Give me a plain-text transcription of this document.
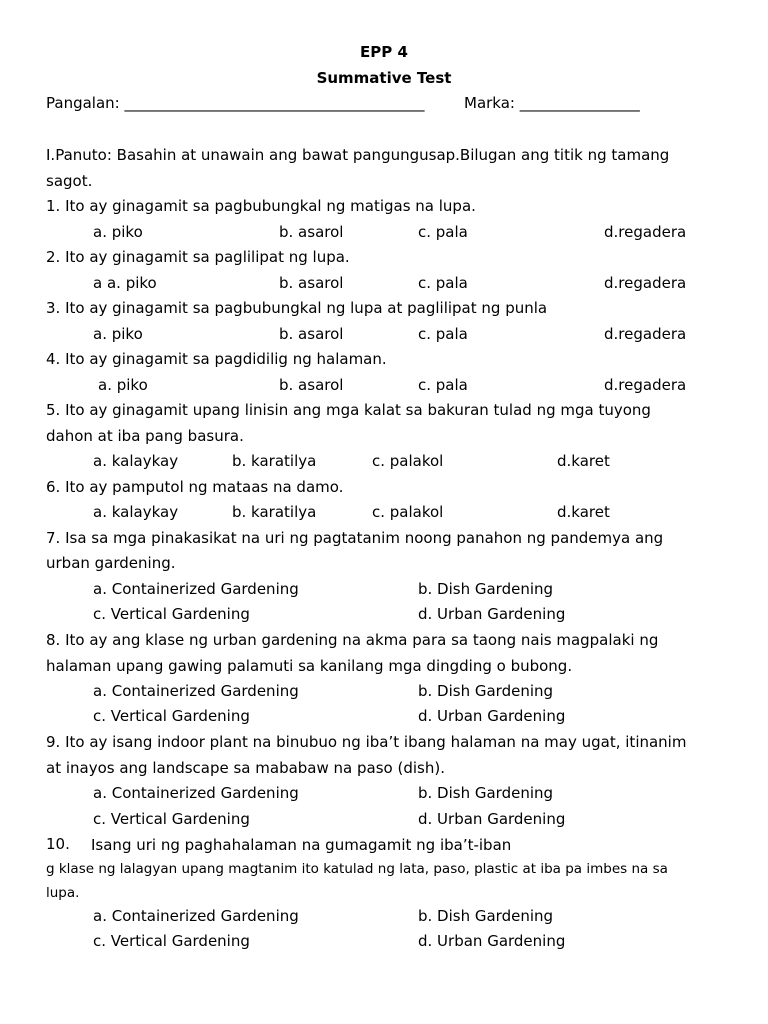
EPP 4
Summative Test
Pangalan: ________________________________________	Marka: ________________
I.Panuto: Basahin at unawain ang bawat pangungusap.Bilugan ang titik ng tamang
sagot.
1. Ito ay ginagamit sa pagbubungkal ng matigas na lupa.
a. piko	b. asarol	c. pala	d.regadera
2. Ito ay ginagamit sa paglilipat ng lupa.
a a. piko	b. asarol	c. pala	d.regadera
3. Ito ay ginagamit sa pagbubungkal ng lupa at paglilipat ng punla
a. piko	b. asarol	c. pala	d.regadera
4. Ito ay ginagamit sa pagdidilig ng halaman.
a. piko	b. asarol	c. pala	d.regadera
5. Ito ay ginagamit upang linisin ang mga kalat sa bakuran tulad ng mga tuyong
dahon at iba pang basura.
a. kalaykay	b. karatilya	c. palakol	d.karet
6. Ito ay pamputol ng mataas na damo.
a. kalaykay	b. karatilya	c. palakol	d.karet
7. Isa sa mga pinakasikat na uri ng pagtatanim noong panahon ng pandemya ang
urban gardening.
a. Containerized Gardening	b. Dish Gardening
c. Vertical Gardening	d. Urban Gardening
8. Ito ay ang klase ng urban gardening na akma para sa taong nais magpalaki ng
halaman upang gawing palamuti sa kanilang mga dingding o bubong.
a. Containerized Gardening	b. Dish Gardening
c. Vertical Gardening	d. Urban Gardening
9. Ito ay isang indoor plant na binubuo ng iba’t ibang halaman na may ugat, itinanim
at inayos ang landscape sa mababaw na paso (dish).
a. Containerized Gardening	b. Dish Gardening
c. Vertical Gardening	d. Urban Gardening
10. Isang uri ng paghahalaman na gumagamit ng iba’t-iban
g klase ng lalagyan upang magtanim ito katulad ng lata, paso, plastic at iba pa imbes na sa
lupa.
a. Containerized Gardening	b. Dish Gardening
c. Vertical Gardening	d. Urban Gardening
